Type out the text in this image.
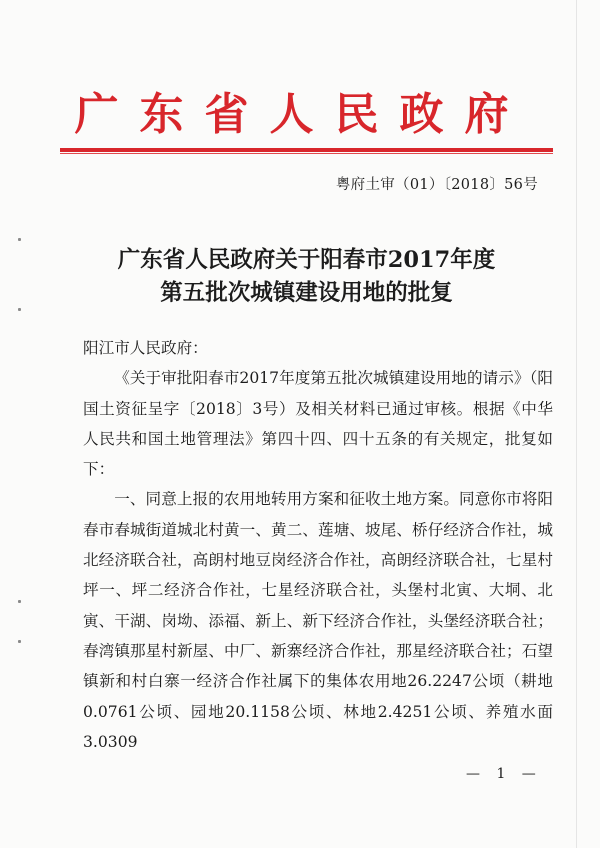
广东省人民政府
粤府土审（01）〔2018〕56号
广东省人民政府关于阳春市2017年度
第五批次城镇建设用地的批复

阳江市人民政府：

《关于审批阳春市2017年度第五批次城镇建设用地的请示》（阳国土资征呈字〔2018〕3号）及相关材料已通过审核。根据《中华人民共和国土地管理法》第四十四、四十五条的有关规定，批复如下：

一、同意上报的农用地转用方案和征收土地方案。同意你市将阳春市春城街道城北村黄一、黄二、莲塘、坡尾、桥仔经济合作社，城北经济联合社，高朗村地豆岗经济合作社，高朗经济联合社，七星村坪一、坪二经济合作社，七星经济联合社，头堡村北寅、大垌、北寅、干湖、岗坳、添福、新上、新下经济合作社，头堡经济联合社；春湾镇那星村新屋、中厂、新寨经济合作社，那星经济联合社；石望镇新和村白寨一经济合作社属下的集体农用地26.2247公顷（耕地0.0761公顷、园地20.1158公顷、林地2.4251公顷、养殖水面3.0309

— 1 —
